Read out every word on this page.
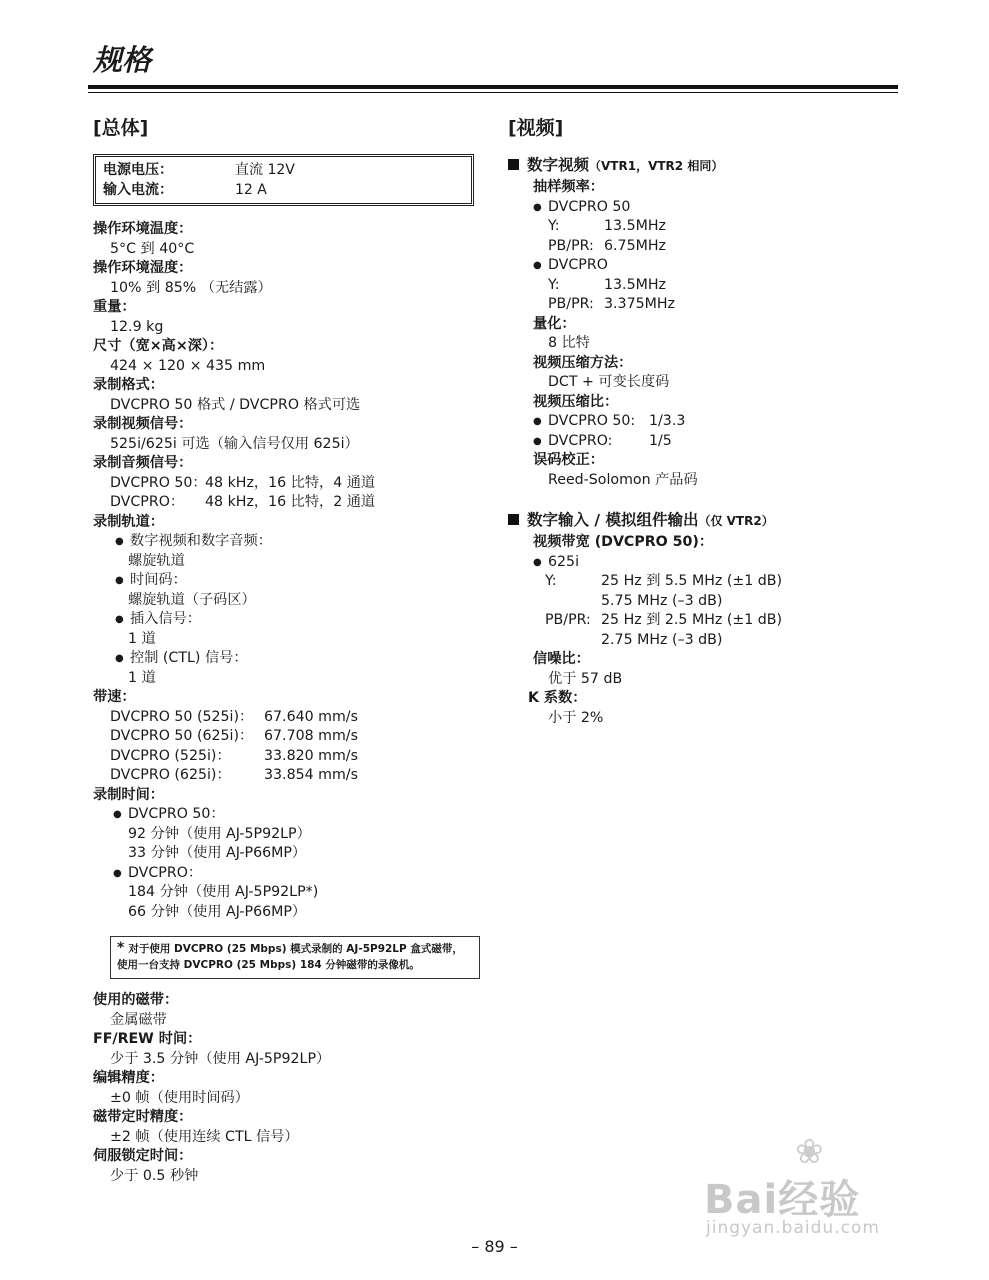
规格
[总体]
电源电压：	直流 12V
输入电流：	12 A
操作环境温度：
5°C 到 40°C
操作环境湿度：
10% 到 85% （无结露）
重量：
12.9 kg
尺寸（宽×高×深）：
424 × 120 × 435 mm
录制格式：
DVCPRO 50 格式 / DVCPRO 格式可选
录制视频信号：
525i/625i 可选（输入信号仅用 625i）
录制音频信号：
DVCPRO 50：48 kHz，16 比特，4 通道
DVCPRO： 48 kHz，16 比特，2 通道
录制轨道：
● 数字视频和数字音频：
螺旋轨道
● 时间码：
螺旋轨道（子码区）
● 插入信号：
1 道
● 控制 (CTL) 信号：
1 道
带速：
DVCPRO 50 (525i)： 67.640 mm/s
DVCPRO 50 (625i)： 67.708 mm/s
DVCPRO (525i)： 33.820 mm/s
DVCPRO (625i)： 33.854 mm/s
录制时间：
● DVCPRO 50：
92 分钟（使用 AJ-5P92LP）
33 分钟（使用 AJ-P66MP）
● DVCPRO：
184 分钟（使用 AJ-5P92LP*)
66 分钟（使用 AJ-P66MP）
* 对于使用 DVCPRO (25 Mbps) 模式录制的 AJ-5P92LP 盒式磁带，使用一台支持 DVCPRO (25 Mbps) 184 分钟磁带的录像机。
使用的磁带：
金属磁带
FF/REW 时间：
少于 3.5 分钟（使用 AJ-5P92LP）
编辑精度：
±0 帧（使用时间码）
磁带定时精度：
±2 帧（使用连续 CTL 信号）
伺服锁定时间：
少于 0.5 秒钟
[视频]
数字视频（VTR1，VTR2 相同）
抽样频率：
● DVCPRO 50
Y:	13.5MHz
PB/PR: 6.75MHz
● DVCPRO
Y:	13.5MHz
PB/PR: 3.375MHz
量化：
8 比特
视频压缩方法：
DCT + 可变长度码
视频压缩比：
● DVCPRO 50: 1/3.3
● DVCPRO:	1/5
误码校正：
Reed-Solomon 产品码
数字输入 / 模拟组件输出（仅 VTR2）
视频带宽 (DVCPRO 50)：
● 625i
Y:	25 Hz 到 5.5 MHz (±1 dB)
5.75 MHz (–3 dB)
PB/PR: 25 Hz 到 2.5 MHz (±1 dB)
2.75 MHz (–3 dB)
信噪比：
优于 57 dB
K 系数：
小于 2%
– 89 –
❀
Bai经验
jingyan.baidu.com
